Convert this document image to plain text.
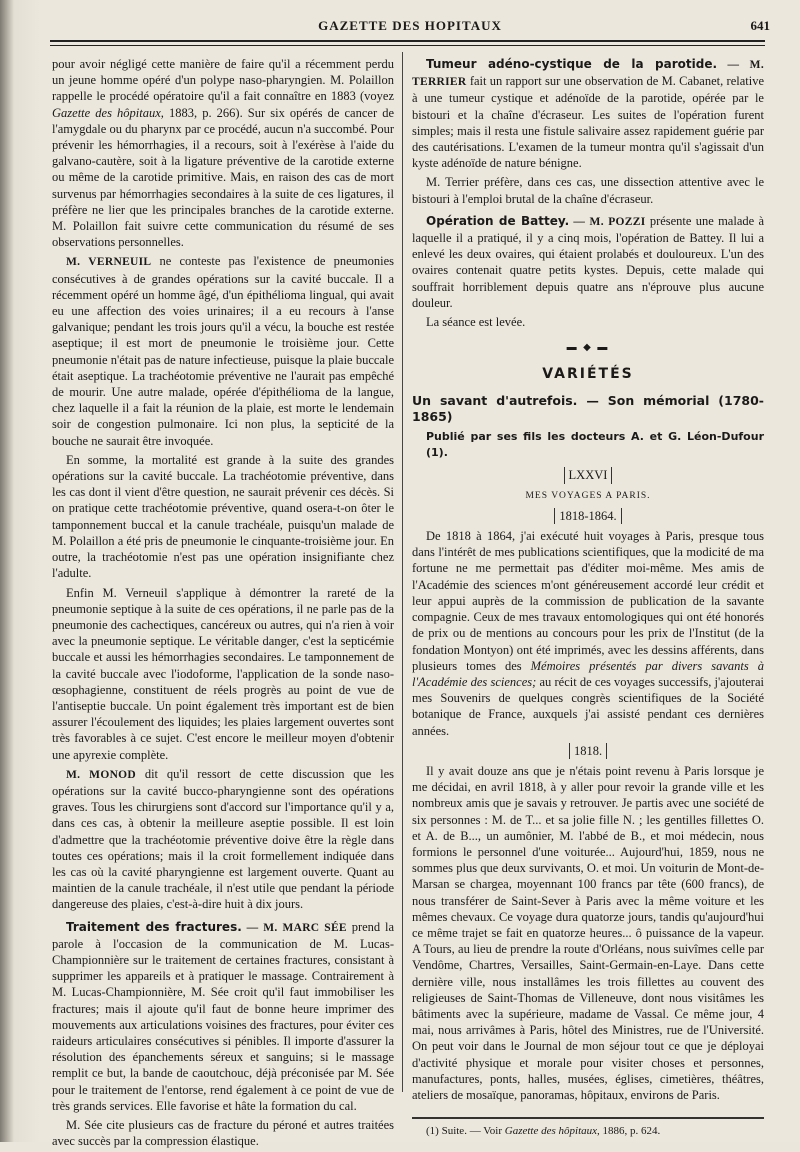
GAZETTE DES HOPITAUX	641

pour avoir négligé cette manière de faire qu'il a récemment perdu un jeune homme opéré d'un polype naso-pharyngien. M. Polaillon rappelle le procédé opératoire qu'il a fait connaître en 1883 (voyez Gazette des hôpitaux, 1883, p. 266). Sur six opérés de cancer de l'amygdale ou du pharynx par ce procédé, aucun n'a succombé. Pour prévenir les hémorrhagies, il a recours, soit à l'exérèse à l'aide du galvano-cautère, soit à la ligature préventive de la carotide externe ou même de la carotide primitive. Mais, en raison des cas de mort survenus par hémorrhagies secondaires à la suite de ces ligatures, il préfère ne lier que les principales branches de la carotide externe. M. Polaillon fait suivre cette communication du résumé de ses observations personnelles.

M. VERNEUIL ne conteste pas l'existence de pneumonies consécutives à de grandes opérations sur la cavité buccale. Il a récemment opéré un homme âgé, d'un épithélioma lingual, qui avait eu une affection des voies urinaires; il a eu recours à l'anse galvanique; pendant les trois jours qu'il a vécu, la bouche est restée aseptique; il est mort de pneumonie le troisième jour. Cette pneumonie n'était pas de nature infectieuse, puisque la plaie buccale était aseptique. La trachéotomie préventive ne l'aurait pas empêché de mourir. Une autre malade, opérée d'épithélioma de la langue, chez laquelle il a fait la réunion de la plaie, est morte le lendemain soir de congestion pulmonaire. Ici non plus, la septicité de la bouche ne saurait être invoquée.

En somme, la mortalité est grande à la suite des grandes opérations sur la cavité buccale. La trachéotomie préventive, dans les cas dont il vient d'être question, ne saurait prévenir ces décès. Si on pratique cette trachéotomie préventive, quand osera-t-on ôter le tamponnement buccal et la canule trachéale, puisqu'un malade de M. Polaillon a été pris de pneumonie le cinquante-troisième jour. En outre, la trachéotomie n'est pas une opération insignifiante chez l'adulte.

Enfin M. Verneuil s'applique à démontrer la rareté de la pneumonie septique à la suite de ces opérations, il ne parle pas de la pneumonie des cachectiques, cancéreux ou autres, qui n'a rien à voir avec la pneumonie septique. Le véritable danger, c'est la septicémie buccale et aussi les hémorrhagies secondaires. Le tamponnement de la cavité buccale avec l'iodoforme, l'application de la sonde naso-œsophagienne, constituent de réels progrès au point de vue de l'antiseptie buccale. Un point également très important est de bien assurer l'écoulement des liquides; les plaies largement ouvertes sont très favorables à ce sujet. C'est encore le meilleur moyen d'obtenir une apyrexie complète.

M. MONOD dit qu'il ressort de cette discussion que les opérations sur la cavité bucco-pharyngienne sont des opérations graves. Tous les chirurgiens sont d'accord sur l'importance qu'il y a, dans ces cas, à obtenir la meilleure aseptie possible. Il est loin d'admettre que la trachéotomie préventive doive être la règle dans toutes ces opérations; mais il la croit formellement indiquée dans les cas où la cavité pharyngienne est largement ouverte. Quant au maintien de la canule trachéale, il n'est utile que pendant la période dangereuse des plaies, c'est-à-dire huit à dix jours.

Traitement des fractures. — M. MARC SÉE prend la parole à l'occasion de la communication de M. Lucas-Championnière sur le traitement de certaines fractures, consistant à supprimer les appareils et à pratiquer le massage. Contrairement à M. Lucas-Championnière, M. Sée croit qu'il faut immobiliser les fractures; mais il ajoute qu'il faut de bonne heure imprimer des mouvements aux articulations voisines des fractures, pour éviter ces raideurs articulaires consécutives si pénibles. Il importe d'assurer la résolution des épanchements séreux et sanguins; si le massage remplit ce but, la bande de caoutchouc, déjà préconisée par M. Sée pour le traitement de l'entorse, rend également à ce point de vue de très grands services. Elle favorise et hâte la formation du cal.

M. Sée cite plusieurs cas de fracture du péroné et autres traitées avec succès par la compression élastique.

Tumeur adéno-cystique de la parotide. — M. TERRIER fait un rapport sur une observation de M. Cabanet, relative à une tumeur cystique et adénoïde de la parotide, opérée par le bistouri et la chaîne d'écraseur. Les suites de l'opération furent simples; mais il resta une fistule salivaire assez rapidement guérie par des cautérisations. L'examen de la tumeur montra qu'il s'agissait d'un kyste adénoïde de nature bénigne.

M. Terrier préfère, dans ces cas, une dissection attentive avec le bistouri à l'emploi brutal de la chaîne d'écraseur.

Opération de Battey. — M. POZZI présente une malade à laquelle il a pratiqué, il y a cinq mois, l'opération de Battey. Il lui a enlevé les deux ovaires, qui étaient prolabés et douloureux. L'un des ovaires contenait quatre petits kystes. Depuis, cette malade qui souffrait horriblement depuis quatre ans n'éprouve plus aucune douleur.

La séance est levée.

▬ ◆ ▬
VARIÉTÉS
Un savant d'autrefois. — Son mémorial (1780-1865)
Publié par ses fils les docteurs A. et G. Léon-Dufour (1).
LXXVI
MES VOYAGES A PARIS.
1818-1864.

De 1818 à 1864, j'ai exécuté huit voyages à Paris, presque tous dans l'intérêt de mes publications scientifiques, que la modicité de ma fortune ne me permettait pas d'éditer moi-même. Mes amis de l'Académie des sciences m'ont généreusement accordé leur crédit et leur appui auprès de la commission de publication de la savante compagnie. Ceux de mes travaux entomologiques qui ont été honorés de prix ou de mentions au concours pour les prix de l'Institut (de la fondation Montyon) ont été imprimés, avec les dessins afférents, dans plusieurs tomes des Mémoires présentés par divers savants à l'Académie des sciences; au récit de ces voyages successifs, j'ajouterai mes Souvenirs de quelques congrès scientifiques de la Société botanique de France, auxquels j'ai assisté pendant ces dernières années.

1818.

Il y avait douze ans que je n'étais point revenu à Paris lorsque je me décidai, en avril 1818, à y aller pour revoir la grande ville et les nombreux amis que je savais y retrouver. Je partis avec une société de six personnes : M. de T... et sa jolie fille N. ; les gentilles fillettes O. et A. de B..., un aumônier, M. l'abbé de B., et moi médecin, nous formions le personnel d'une voiturée... Aujourd'hui, 1859, nous ne sommes plus que deux survivants, O. et moi. Un voiturin de Mont-de-Marsan se chargea, moyennant 100 francs par tête (600 francs), de nous transférer de Saint-Sever à Paris avec la même voiture et les mêmes chevaux. Ce voyage dura quatorze jours, tandis qu'aujourd'hui ce même trajet se fait en quatorze heures... ô puissance de la vapeur. A Tours, au lieu de prendre la route d'Orléans, nous suivîmes celle par Vendôme, Chartres, Versailles, Saint-Germain-en-Laye. Dans cette dernière ville, nous installâmes les trois fillettes au couvent des religieuses de Saint-Thomas de Villeneuve, dont nous visitâmes les bâtiments avec la supérieure, madame de Vassal. Ce même jour, 4 mai, nous arrivâmes à Paris, hôtel des Ministres, rue de l'Université. On peut voir dans le Journal de mon séjour tout ce que je déployai d'activité physique et morale pour visiter choses et personnes, manufactures, ponts, halles, musées, églises, cimetières, théâtres, ateliers de mosaïque, panoramas, hôpitaux, environs de Paris.

(1) Suite. — Voir Gazette des hôpitaux, 1886, p. 624.
